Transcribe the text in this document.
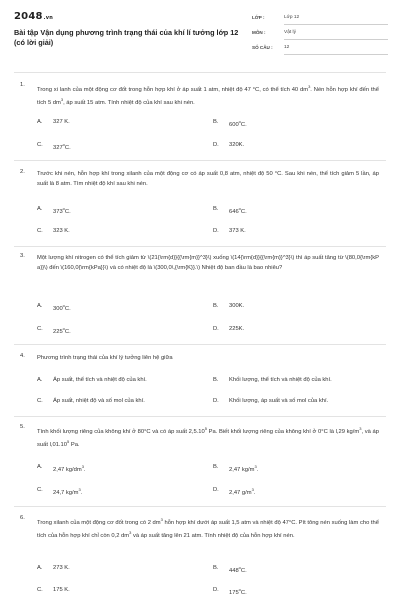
2048.vn
Bài tập Vận dụng phương trình trạng thái của khí lí tưởng lớp 12 (có lời giải)
LỚP :	Lớp 12
MÔN :	Vật lý
SỐ CÂU : 12
1.
Trong xi lanh của một động cơ đốt trong hỗn hợp khí ở áp suất 1 atm, nhiệt độ 47 °C, có thể tích 40 $dm^3$. Nén hỗn hợp khí đến thể tích 5 $dm^3$, áp suất 15 atm. Tính nhiệt độ của khí sau khi nén.
A. 327 K.	B. 600$^o$C.
C. 327$^o$C.	D. 320K.
2. Trước khi nén, hỗn hợp khí trong xilanh của một động cơ có áp suất 0,8 atm, nhiệt độ 50 °C. Sau khi nén, thể tích giảm 5 lần, áp suất là 8 atm. Tìm nhiệt độ khí sau khi nén.
A. 373$^o$C.	B. 646$^o$C.
C. 323 K.	D. 373 K.
3. Một lượng khí nitrogen có thể tích giảm từ \(21{\rm{d}}{{\rm{m}}^3}\) xuống \(14{\rm{d}}{{\rm{m}}^3}\) thì áp suất tăng từ \(80,0{\rm{kPa}}\) đến \(160,0{\rm{kPa}}\) và có nhiệt độ là \(300,0\,{\rm{K}}.\) Nhiệt độ ban đầu là bao nhiêu?
A. 300$^o$C.	B. 300K.
C. 225$^o$C.	D. 225K.
4. Phương trình trạng thái của khí lý tưởng liên hệ giữa
A. Áp suất, thể tích và nhiệt độ của khí.	B. Khối lượng, thể tích và nhiệt độ của khí.
C. Áp suất, nhiệt độ và số mol của khí.	D. Khối lượng, áp suất và số mol của khí.
5.
Tính khối lượng riêng của không khí ở 80°C và có áp suất 2,5.10$^5$ Pa. Biết khối lượng riêng của không khí ở 0°C là l,29 $kg/m^3$, và áp suất l,01.10$^5$ Pa.
A. 2,47 $kg/dm^3$.	B. 2,47 $kg/m^3$.
C. 24,7 $kg/m^3$.	D. 2,47 $g/m^3$.
6.
Trong xilanh của một động cơ đốt trong có 2 $dm^3$ hỗn hợp khí dưới áp suất 1,5 atm và nhiệt độ 47°C. Pít tông nén xuống làm cho thể tích của hỗn hợp khí chỉ còn 0,2 $dm^3$ và áp suất tăng lên 21 atm. Tính nhiệt độ của hỗn hợp khí nén.
A. 273 K.	B. 448$^o$C.
C. 175 K.	D. 175$^o$C.
